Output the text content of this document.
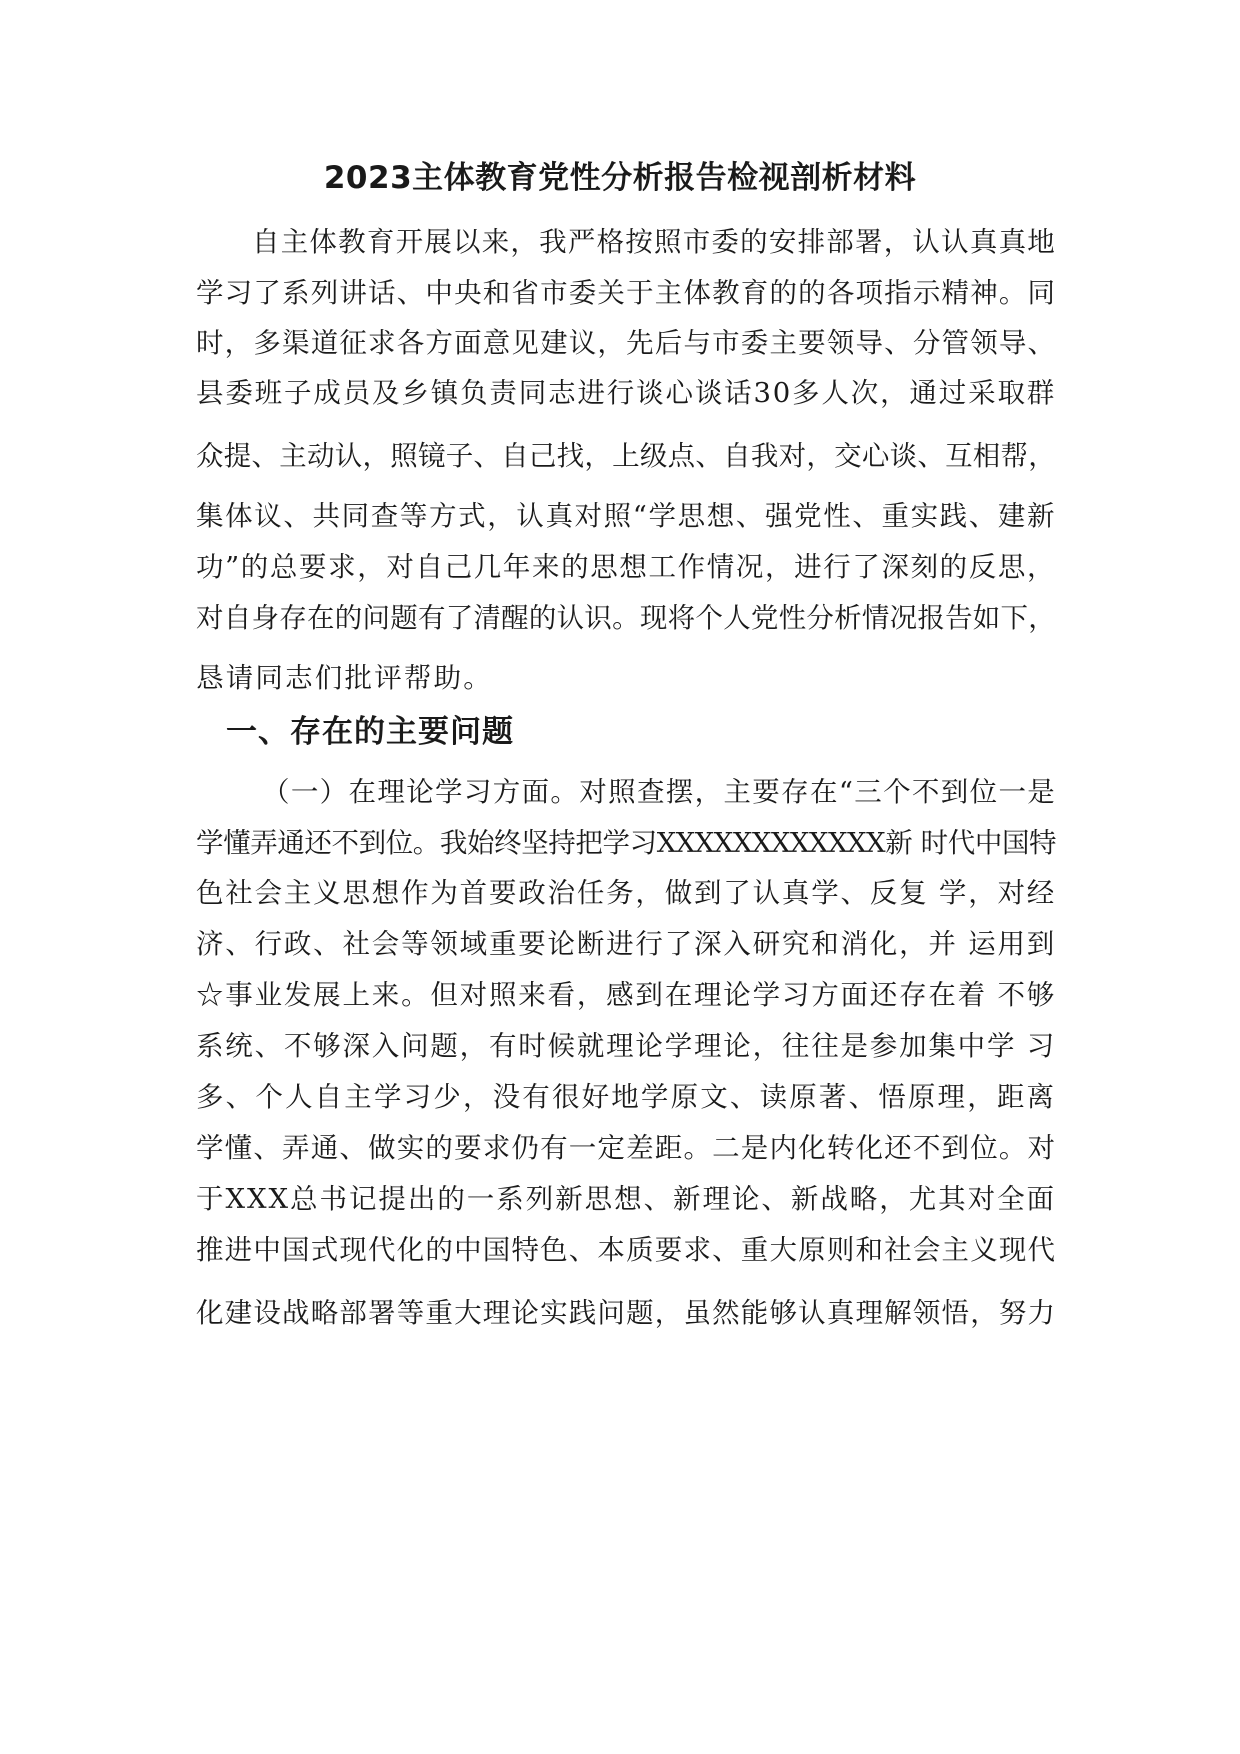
2023主体教育党性分析报告检视剖析材料
自主体教育开展以来，我严格按照市委的安排部署，认认真真地
学习了系列讲话、中央和省市委关于主体教育的的各项指示精神。同
时，多渠道征求各方面意见建议，先后与市委主要领导、分管领导、
县委班子成员及乡镇负责同志进行谈心谈话30多人次，通过采取群
众提、主动认，照镜子、自己找，上级点、自我对，交心谈、互相帮，
集体议、共同查等方式，认真对照“学思想、强党性、重实践、建新
功”的总要求，对自己几年来的思想工作情况，进行了深刻的反思，
对自身存在的问题有了清醒的认识。现将个人党性分析情况报告如下，
恳请同志们批评帮助。
一、存在的主要问题
（一）在理论学习方面。对照查摆，主要存在“三个不到位一是
学懂弄通还不到位。我始终坚持把学习XXXXXXXXXXXX新 时代中国特
色社会主义思想作为首要政治任务，做到了认真学、反复 学，对经
济、行政、社会等领域重要论断进行了深入研究和消化，并 运用到
☆事业发展上来。但对照来看，感到在理论学习方面还存在着 不够
系统、不够深入问题，有时候就理论学理论，往往是参加集中学 习
多、个人自主学习少，没有很好地学原文、读原著、悟原理，距离
学懂、弄通、做实的要求仍有一定差距。二是内化转化还不到位。对
于XXX总书记提出的一系列新思想、新理论、新战略，尤其对全面
推进中国式现代化的中国特色、本质要求、重大原则和社会主义现代
化建设战略部署等重大理论实践问题，虽然能够认真理解领悟，努力
